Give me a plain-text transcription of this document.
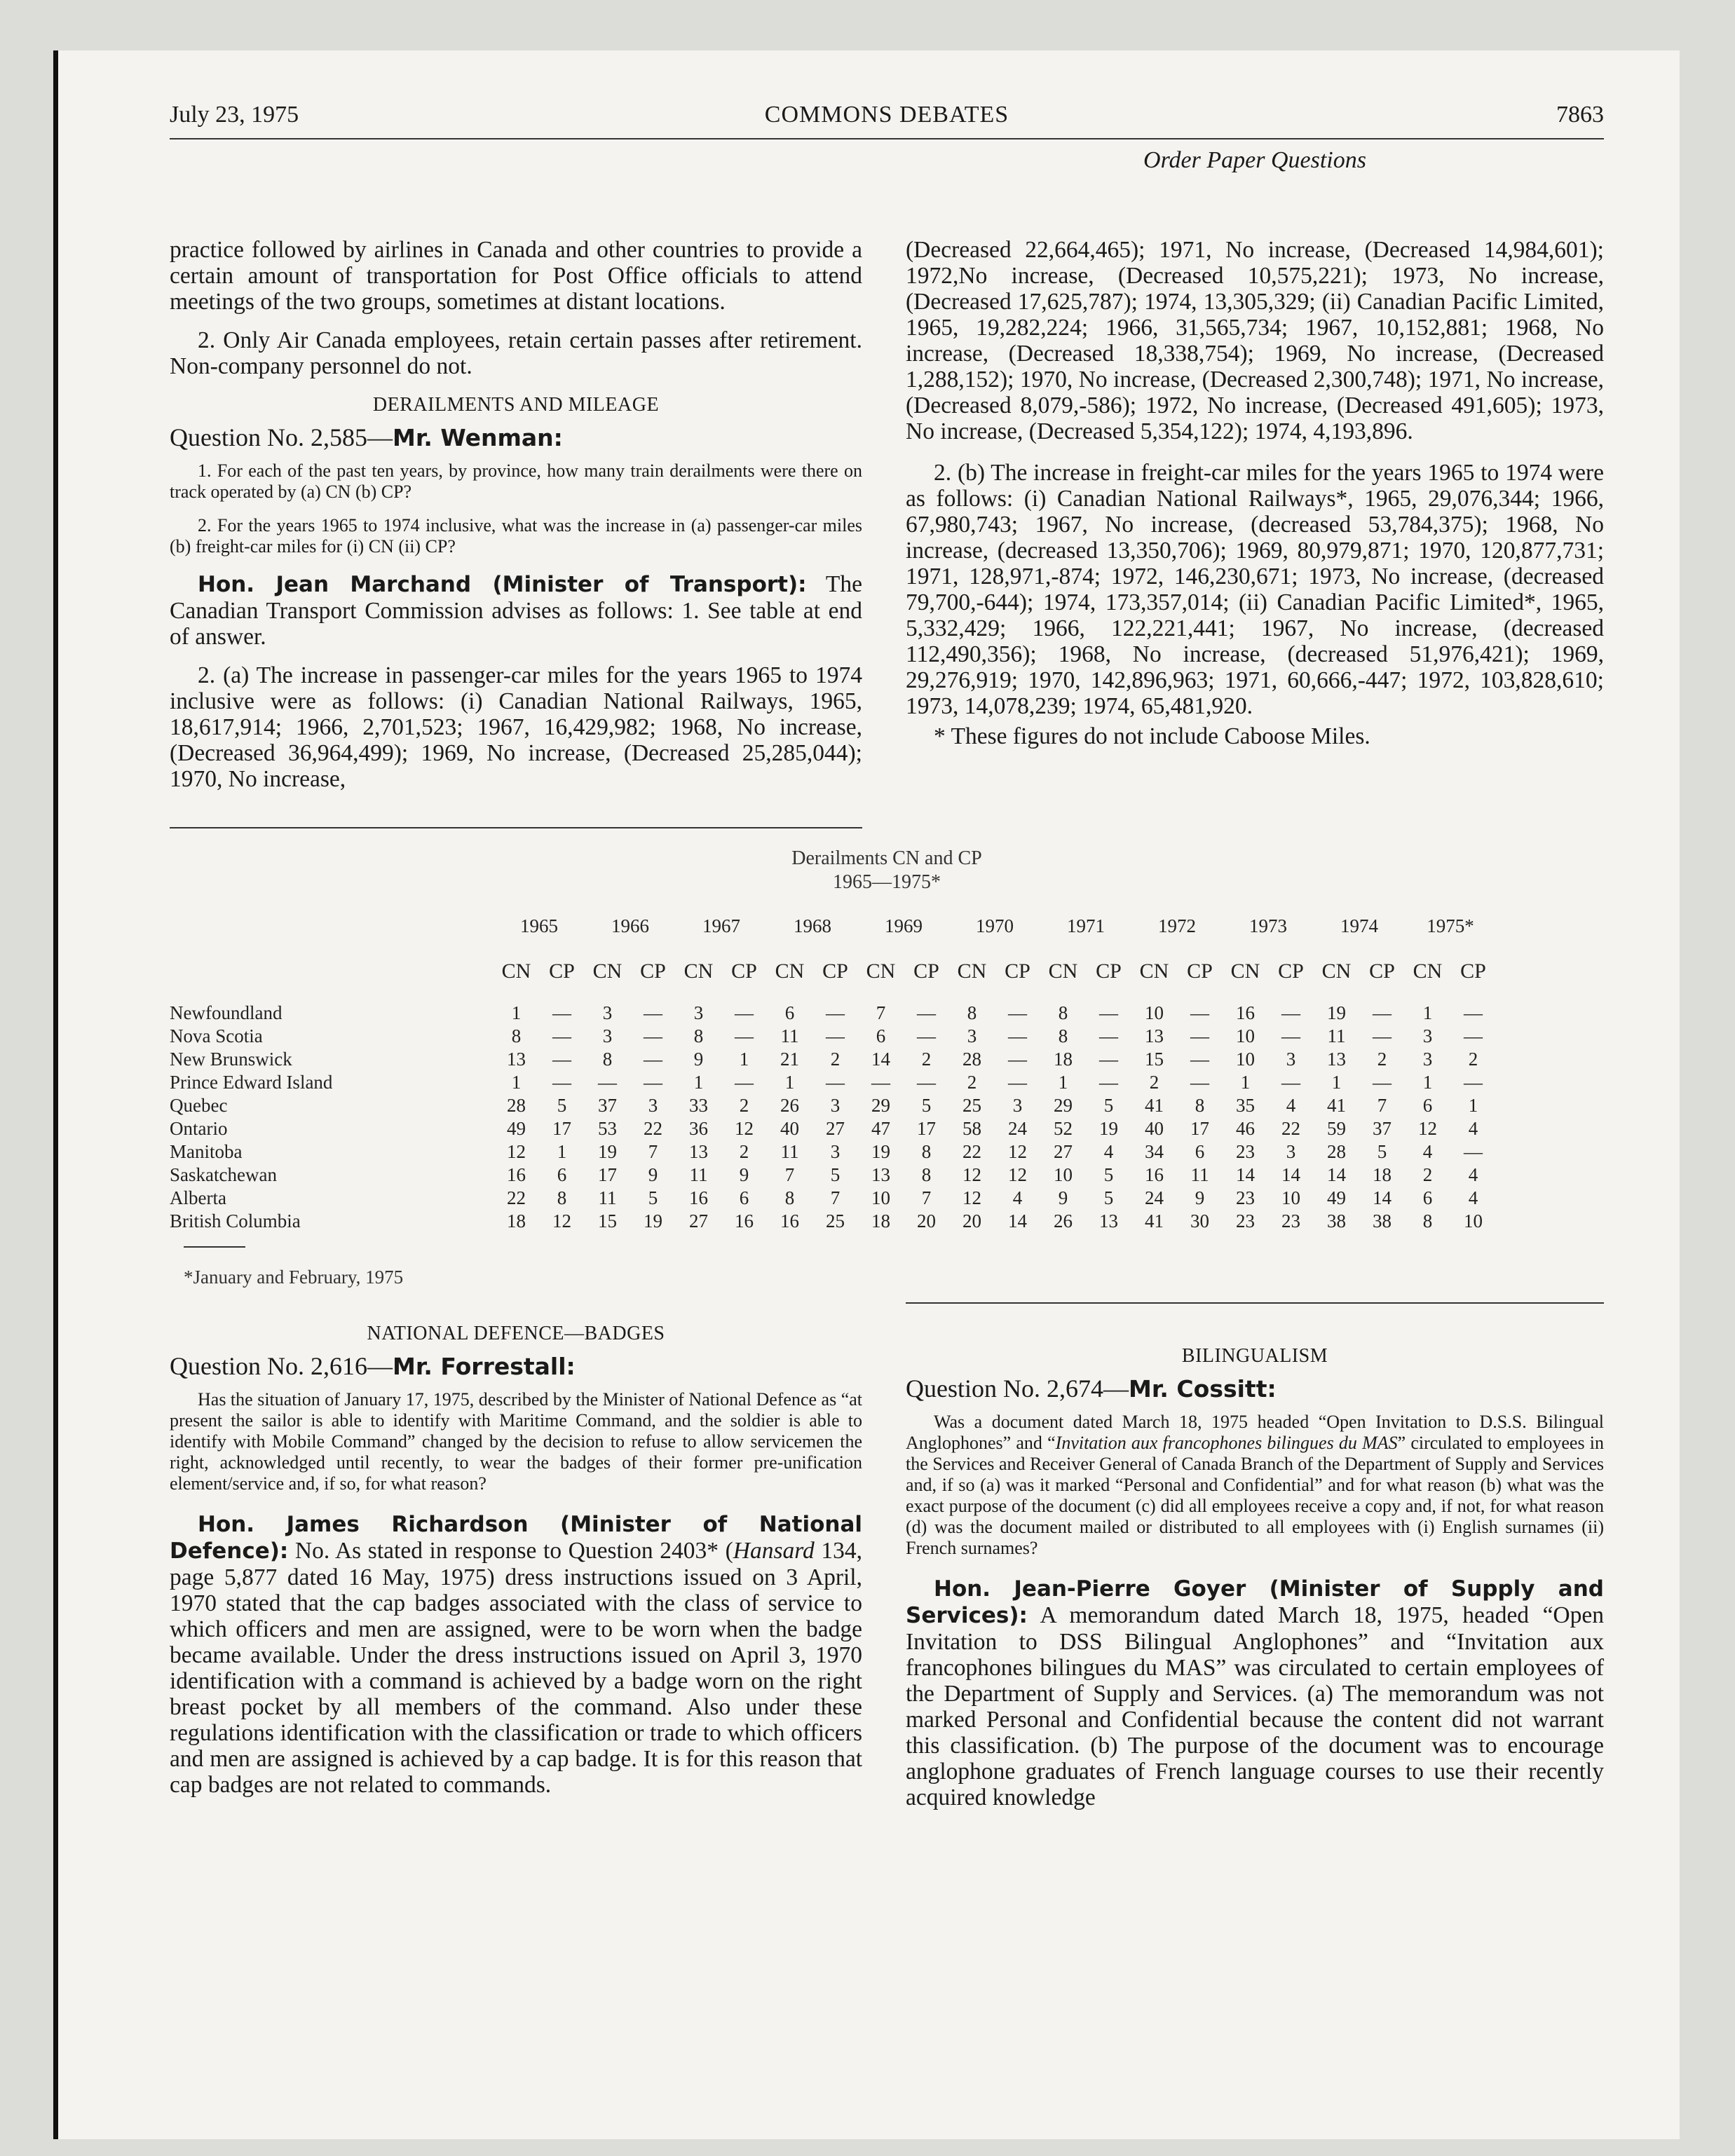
July 23, 1975	COMMONS DEBATES	7863
Order Paper Questions

practice followed by airlines in Canada and other countries to provide a certain amount of transportation for Post Office officials to attend meetings of the two groups, sometimes at distant locations.

2. Only Air Canada employees, retain certain passes after retirement. Non-company personnel do not.

DERAILMENTS AND MILEAGE
Question No. 2,585—Mr. Wenman:

1. For each of the past ten years, by province, how many train derailments were there on track operated by (a) CN (b) CP?

2. For the years 1965 to 1974 inclusive, what was the increase in (a) passenger-car miles (b) freight-car miles for (i) CN (ii) CP?

Hon. Jean Marchand (Minister of Transport): The Canadian Transport Commission advises as follows: 1. See table at end of answer.

2. (a) The increase in passenger-car miles for the years 1965 to 1974 inclusive were as follows: (i) Canadian National Railways, 1965, 18,617,914; 1966, 2,701,523; 1967, 16,429,982; 1968, No increase, (Decreased 36,964,499); 1969, No increase, (Decreased 25,285,044); 1970, No increase,

(Decreased 22,664,465); 1971, No increase, (Decreased 14,984,601); 1972,No increase, (Decreased 10,575,221); 1973, No increase, (Decreased 17,625,787); 1974, 13,305,329; (ii) Canadian Pacific Limited, 1965, 19,282,224; 1966, 31,565,734; 1967, 10,152,881; 1968, No increase, (Decreased 18,338,754); 1969, No increase, (Decreased 1,288,152); 1970, No increase, (Decreased 2,300,748); 1971, No increase, (Decreased 8,079,-586); 1972, No increase, (Decreased 491,605); 1973, No increase, (Decreased 5,354,122); 1974, 4,193,896.

2. (b) The increase in freight-car miles for the years 1965 to 1974 were as follows: (i) Canadian National Railways*, 1965, 29,076,344; 1966, 67,980,743; 1967, No increase, (decreased 53,784,375); 1968, No increase, (decreased 13,350,706); 1969, 80,979,871; 1970, 120,877,731; 1971, 128,971,-874; 1972, 146,230,671; 1973, No increase, (decreased 79,700,-644); 1974, 173,357,014; (ii) Canadian Pacific Limited*, 1965, 5,332,429; 1966, 122,221,441; 1967, No increase, (decreased 112,490,356); 1968, No increase, (decreased 51,976,421); 1969, 29,276,919; 1970, 142,896,963; 1971, 60,666,-447; 1972, 103,828,610; 1973, 14,078,239; 1974, 65,481,920.

* These figures do not include Caboose Miles.

Derailments CN and CP
1965—1975*
	1965		1966		1967		1968		1969		1970		1971		1972		1973		1974		1975*	
	CN	CP	CN	CP	CN	CP	CN	CP	CN	CP	CN	CP	CN	CP	CN	CP	CN	CP	CN	CP	CN	CP
Newfoundland	1	—	3	—	3	—	6	—	7	—	8	—	8	—	10	—	16	—	19	—	1	—
Nova Scotia	8	—	3	—	8	—	11	—	6	—	3	—	8	—	13	—	10	—	11	—	3	—
New Brunswick	13	—	8	—	9	1	21	2	14	2	28	—	18	—	15	—	10	3	13	2	3	2
Prince Edward Island	1	—	—	—	1	—	1	—	—	—	2	—	1	—	2	—	1	—	1	—	1	—
Quebec	28	5	37	3	33	2	26	3	29	5	25	3	29	5	41	8	35	4	41	7	6	1
Ontario	49	17	53	22	36	12	40	27	47	17	58	24	52	19	40	17	46	22	59	37	12	4
Manitoba	12	1	19	7	13	2	11	3	19	8	22	12	27	4	34	6	23	3	28	5	4	—
Saskatchewan	16	6	17	9	11	9	7	5	13	8	12	12	10	5	16	11	14	14	14	18	2	4
Alberta	22	8	11	5	16	6	8	7	10	7	12	4	9	5	24	9	23	10	49	14	6	4
British Columbia	18	12	15	19	27	16	16	25	18	20	20	14	26	13	41	30	23	23	38	38	8	10
*January and February, 1975
NATIONAL DEFENCE—BADGES
Question No. 2,616—Mr. Forrestall:

Has the situation of January 17, 1975, described by the Minister of National Defence as “at present the sailor is able to identify with Maritime Command, and the soldier is able to identify with Mobile Command” changed by the decision to refuse to allow servicemen the right, acknowledged until recently, to wear the badges of their former pre-unification element/service and, if so, for what reason?

Hon. James Richardson (Minister of National Defence): No. As stated in response to Question 2403* (Hansard 134, page 5,877 dated 16 May, 1975) dress instructions issued on 3 April, 1970 stated that the cap badges associated with the class of service to which officers and men are assigned, were to be worn when the badge became available. Under the dress instructions issued on April 3, 1970 identification with a command is achieved by a badge worn on the right breast pocket by all members of the command. Also under these regulations identification with the classification or trade to which officers and men are assigned is achieved by a cap badge. It is for this reason that cap badges are not related to commands.

BILINGUALISM
Question No. 2,674—Mr. Cossitt:

Was a document dated March 18, 1975 headed “Open Invitation to D.S.S. Bilingual Anglophones” and “Invitation aux francophones bilingues du MAS” circulated to employees in the Services and Receiver General of Canada Branch of the Department of Supply and Services and, if so (a) was it marked “Personal and Confidential” and for what reason (b) what was the exact purpose of the document (c) did all employees receive a copy and, if not, for what reason (d) was the document mailed or distributed to all employees with (i) English surnames (ii) French surnames?

Hon. Jean-Pierre Goyer (Minister of Supply and Services): A memorandum dated March 18, 1975, headed “Open Invitation to DSS Bilingual Anglophones” and “Invitation aux francophones bilingues du MAS” was circulated to certain employees of the Department of Supply and Services. (a) The memorandum was not marked Personal and Confidential because the content did not warrant this classification. (b) The purpose of the document was to encourage anglophone graduates of French language courses to use their recently acquired knowledge
